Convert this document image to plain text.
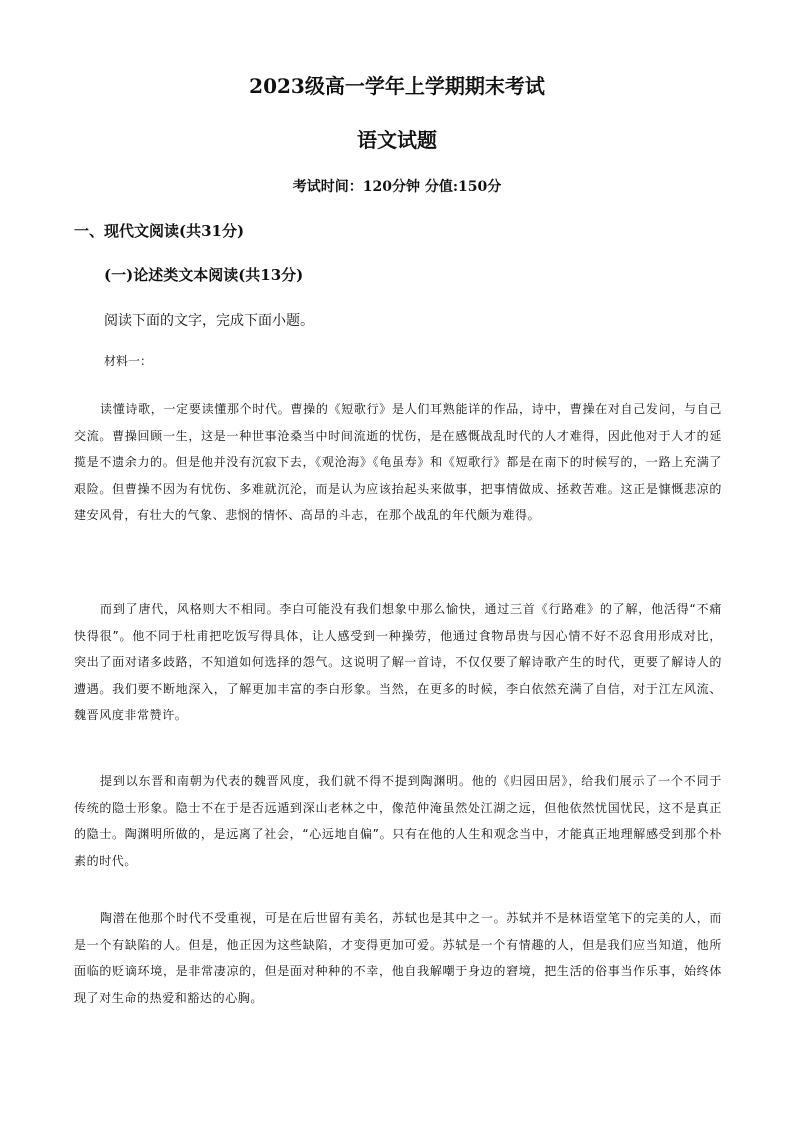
2023级高一学年上学期期末考试
语文试题
考试时间：120分钟 分值:150分
一、现代文阅读(共31分)
(一)论述类文本阅读(共13分)
阅读下面的文字，完成下面小题。
材料一：

读懂诗歌，一定要读懂那个时代。曹操的《短歌行》是人们耳熟能详的作品，诗中，曹操在对自己发问，与自己交流。曹操回顾一生，这是一种世事沧桑当中时间流逝的忧伤，是在感慨战乱时代的人才难得，因此他对于人才的延揽是不遗余力的。但是他并没有沉寂下去，《观沧海》《龟虽寿》和《短歌行》都是在南下的时候写的，一路上充满了艰险。但曹操不因为有忧伤、多难就沉沦，而是认为应该抬起头来做事，把事情做成、拯救苦难。这正是慷慨悲凉的建安风骨，有壮大的气象、悲悯的情怀、高昂的斗志，在那个战乱的年代颇为难得。

而到了唐代，风格则大不相同。李白可能没有我们想象中那么愉快，通过三首《行路难》的了解，他活得“不痛快得很”。他不同于杜甫把吃饭写得具体，让人感受到一种操劳，他通过食物昂贵与因心情不好不忍食用形成对比，突出了面对诸多歧路，不知道如何选择的怨气。这说明了解一首诗，不仅仅要了解诗歌产生的时代，更要了解诗人的遭遇。我们要不断地深入，了解更加丰富的李白形象。当然，在更多的时候，李白依然充满了自信，对于江左风流、魏晋风度非常赞许。

提到以东晋和南朝为代表的魏晋风度，我们就不得不提到陶渊明。他的《归园田居》，给我们展示了一个不同于传统的隐士形象。隐士不在于是否远遁到深山老林之中，像范仲淹虽然处江湖之远，但他依然忧国忧民，这不是真正的隐士。陶渊明所做的，是远离了社会，“心远地自偏”。只有在他的人生和观念当中，才能真正地理解感受到那个朴素的时代。

陶潜在他那个时代不受重视，可是在后世留有美名，苏轼也是其中之一。苏轼并不是林语堂笔下的完美的人，而是一个有缺陷的人。但是，他正因为这些缺陷，才变得更加可爱。苏轼是一个有情趣的人，但是我们应当知道，他所面临的贬谪环境，是非常凄凉的，但是面对种种的不幸，他自我解嘲于身边的窘境，把生活的俗事当作乐事，始终体现了对生命的热爱和豁达的心胸。
